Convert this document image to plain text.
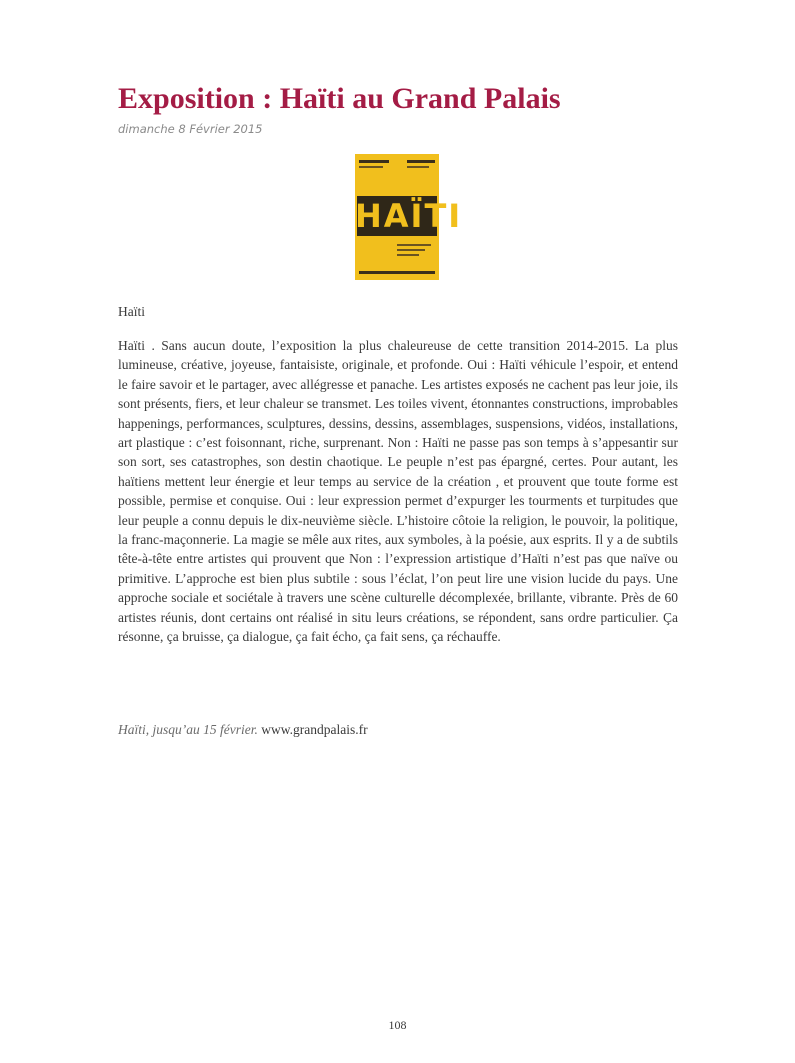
Exposition : Haïti au Grand Palais
dimanche 8 Février 2015
HAÏTI
Haïti

Haïti . Sans aucun doute, l’exposition la plus chaleureuse de cette transition 2014-2015. La plus lumineuse, créative, joyeuse, fantaisiste, originale, et profonde. Oui : Haïti véhicule l’espoir, et entend le faire savoir et le partager, avec allégresse et panache. Les artistes exposés ne cachent pas leur joie, ils sont présents, fiers, et leur chaleur se transmet. Les toiles vivent, étonnantes constructions, improbables happenings, performances, sculptures, dessins, dessins, assemblages, suspensions, vidéos, installations, art plastique : c’est foisonnant, riche, surprenant. Non : Haïti ne passe pas son temps à s’appesantir sur son sort, ses catastrophes, son destin chaotique. Le peuple n’est pas épargné, certes. Pour autant, les haïtiens mettent leur énergie et leur temps au service de la création , et prouvent que toute forme est possible, permise et conquise. Oui : leur expression permet d’expurger les tourments et turpitudes que leur peuple a connu depuis le dix-neuvième siècle. L’histoire côtoie la religion, le pouvoir, la politique, la franc-maçonnerie. La magie se mêle aux rites, aux symboles, à la poésie, aux esprits. Il y a de subtils tête-à-tête entre artistes qui prouvent que Non : l’expression artistique d’Haïti n’est pas que naïve ou primitive. L’approche est bien plus subtile : sous l’éclat, l’on peut lire une vision lucide du pays. Une approche sociale et sociétale à travers une scène culturelle décomplexée, brillante, vibrante. Près de 60 artistes réunis, dont certains ont réalisé in situ leurs créations, se répondent, sans ordre particulier. Ça résonne, ça bruisse, ça dialogue, ça fait écho, ça fait sens, ça réchauffe.

Haïti, jusqu’au 15 février. www.grandpalais.fr
108
